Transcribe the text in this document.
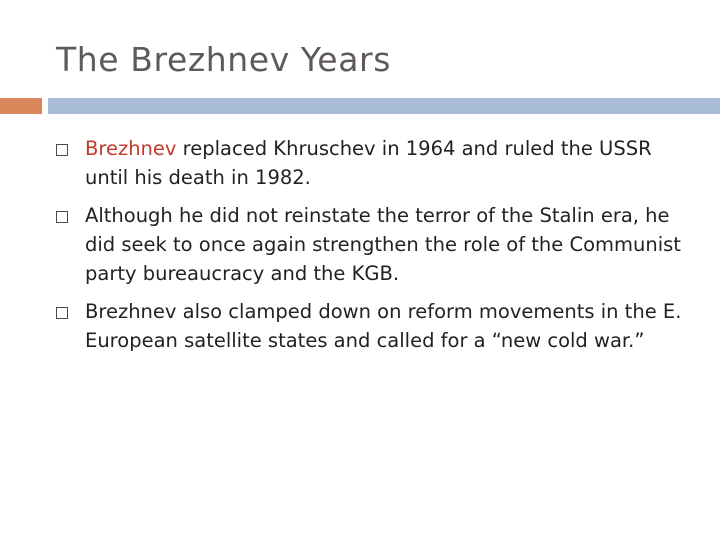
The Brezhnev Years
Brezhnev replaced Khruschev in 1964 and ruled the USSR until his death in 1982.
Although he did not reinstate the terror of the Stalin era, he did seek to once again strengthen the role of the Communist party bureaucracy and the KGB.
Brezhnev also clamped down on reform movements in the E. European satellite states and called for a “new cold war.”
